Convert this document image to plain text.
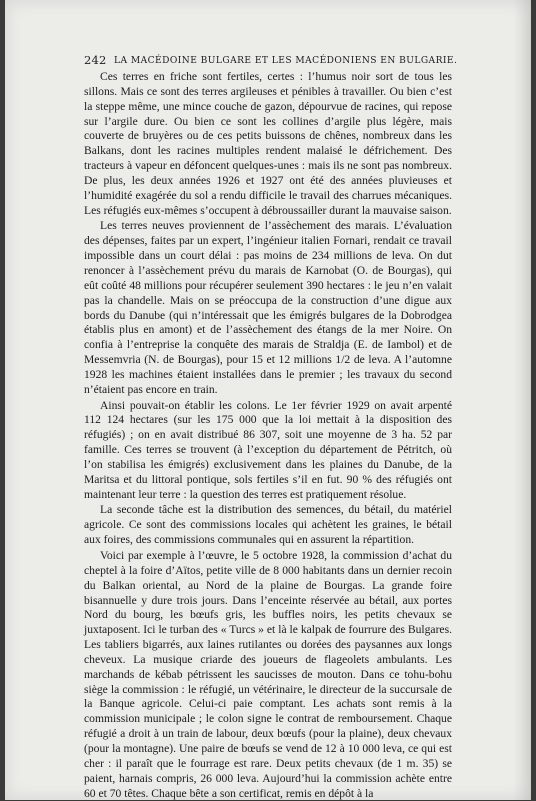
242 LA MACÉDOINE BULGARE ET LES MACÉDONIENS EN BULGARIE.

Ces terres en friche sont fertiles, certes : l’humus noir sort de tous les sillons. Mais ce sont des terres argileuses et pénibles à travailler. Ou bien c’est la steppe même, une mince couche de gazon, dépourvue de racines, qui repose sur l’argile dure. Ou bien ce sont les collines d’argile plus légère, mais couverte de bruyères ou de ces petits buissons de chênes, nombreux dans les Balkans, dont les racines multiples rendent malaisé le défrichement. Des tracteurs à vapeur en défoncent quelques-unes : mais ils ne sont pas nombreux. De plus, les deux années 1926 et 1927 ont été des années pluvieuses et l’humidité exagérée du sol a rendu difficile le travail des charrues mécaniques. Les réfugiés eux-mêmes s’occupent à débroussailler durant la mauvaise saison.

Les terres neuves proviennent de l’assèchement des marais. L’évaluation des dépenses, faites par un expert, l’ingénieur italien Fornari, rendait ce travail impossible dans un court délai : pas moins de 234 millions de leva. On dut renoncer à l’assèchement prévu du marais de Karnobat (O. de Bourgas), qui eût coûté 48 millions pour récupérer seulement 390 hectares : le jeu n’en valait pas la chandelle. Mais on se préoccupa de la construction d’une digue aux bords du Danube (qui n’intéressait que les émigrés bulgares de la Dobrodgea établis plus en amont) et de l’assèchement des étangs de la mer Noire. On confia à l’entreprise la conquête des marais de Straldja (E. de Iambol) et de Messemvria (N. de Bourgas), pour 15 et 12 millions 1/2 de leva. A l’automne 1928 les machines étaient installées dans le premier ; les travaux du second n’étaient pas encore en train.

Ainsi pouvait-on établir les colons. Le 1er février 1929 on avait arpenté 112 124 hectares (sur les 175 000 que la loi mettait à la disposition des réfugiés) ; on en avait distribué 86 307, soit une moyenne de 3 ha. 52 par famille. Ces terres se trouvent (à l’exception du département de Pétritch, où l’on stabilisa les émigrés) exclusivement dans les plaines du Danube, de la Maritsa et du littoral pontique, sols fertiles s’il en fut. 90 % des réfugiés ont maintenant leur terre : la question des terres est pratiquement résolue.

La seconde tâche est la distribution des semences, du bétail, du matériel agricole. Ce sont des commissions locales qui achètent les graines, le bétail aux foires, des commissions communales qui en assurent la répartition.

Voici par exemple à l’œuvre, le 5 octobre 1928, la commission d’achat du cheptel à la foire d’Aïtos, petite ville de 8 000 habitants dans un dernier recoin du Balkan oriental, au Nord de la plaine de Bourgas. La grande foire bisannuelle y dure trois jours. Dans l’enceinte réservée au bétail, aux portes Nord du bourg, les bœufs gris, les buffles noirs, les petits chevaux se juxtaposent. Ici le turban des « Turcs » et là le kalpak de fourrure des Bulgares. Les tabliers bigarrés, aux laines rutilantes ou dorées des paysannes aux longs cheveux. La musique criarde des joueurs de flageolets ambulants. Les marchands de kébab pétrissent les saucisses de mouton. Dans ce tohu-bohu siège la commission : le réfugié, un vétérinaire, le directeur de la succursale de la Banque agricole. Celui-ci paie comptant. Les achats sont remis à la commission municipale ; le colon signe le contrat de remboursement. Chaque réfugié a droit à un train de labour, deux bœufs (pour la plaine), deux chevaux (pour la montagne). Une paire de bœufs se vend de 12 à 10 000 leva, ce qui est cher : il paraît que le fourrage est rare. Deux petits chevaux (de 1 m. 35) se paient, harnais compris, 26 000 leva. Aujourd’hui la commission achète entre 60 et 70 têtes. Chaque bête a son certificat, remis en dépôt à la
